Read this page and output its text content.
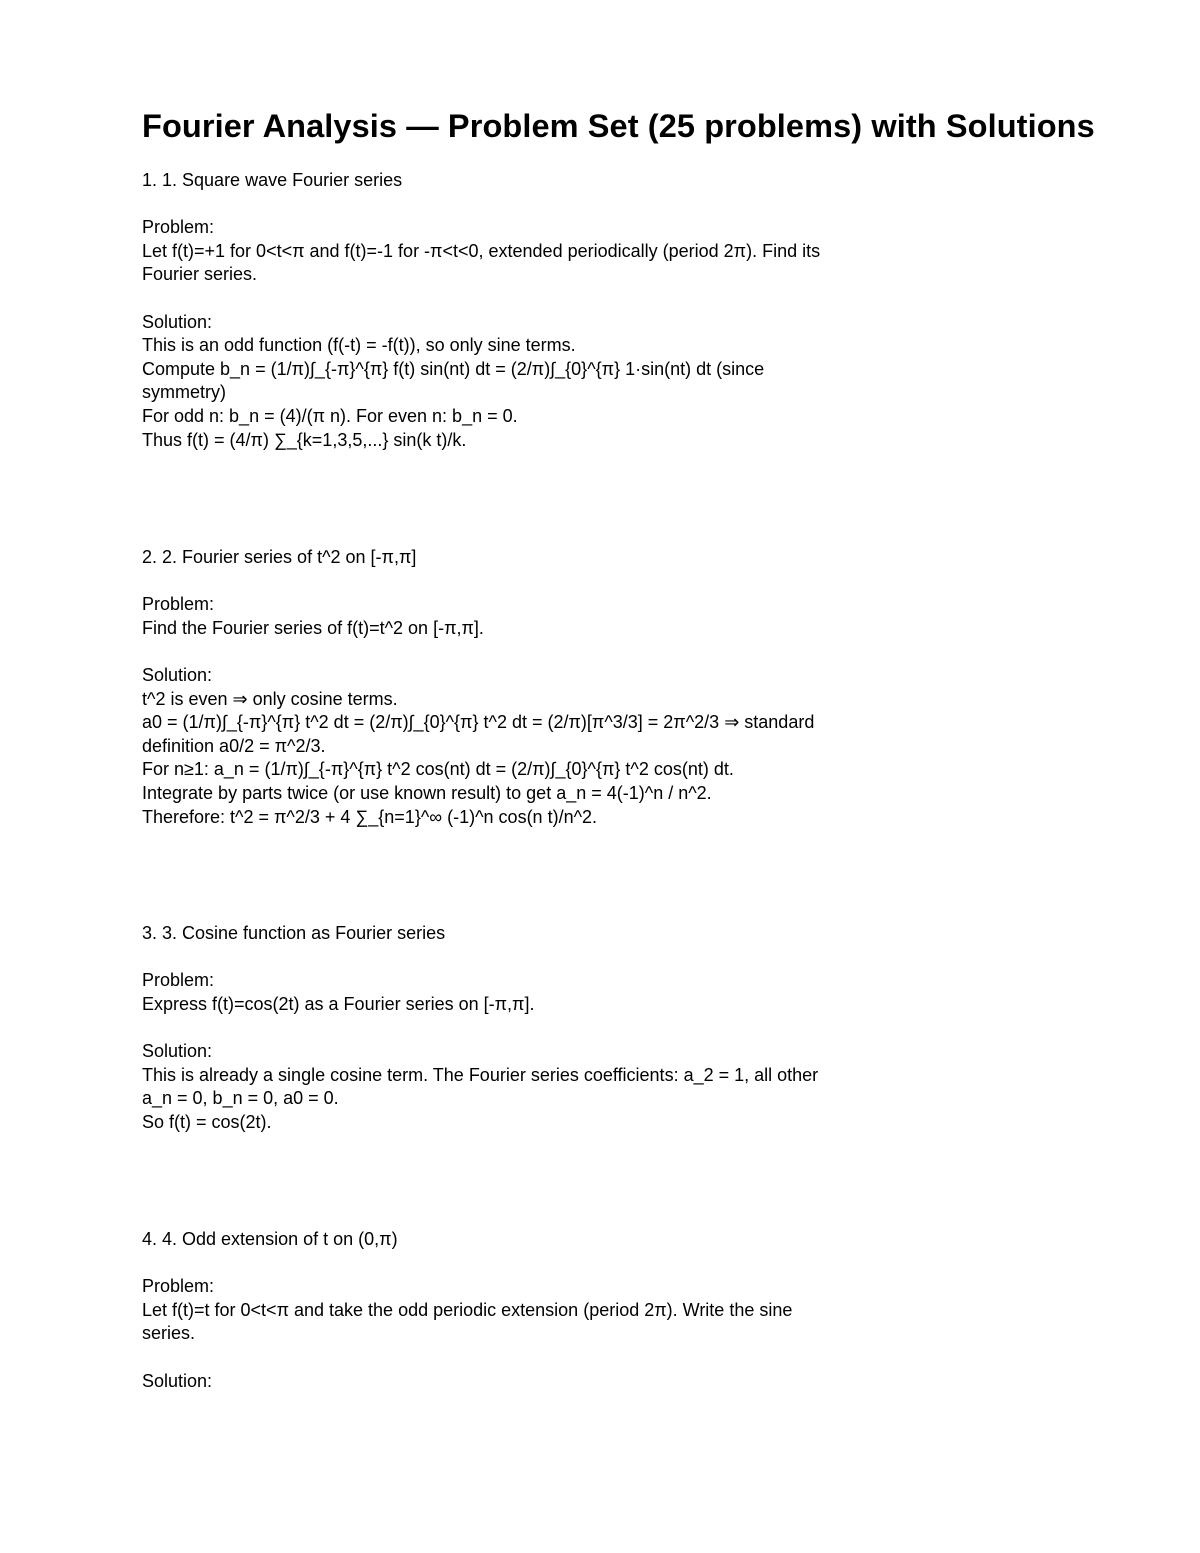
Fourier Analysis — Problem Set (25 problems) with Solutions

1. 1. Square wave Fourier series

Problem:

Let f(t)=+1 for 0<t<π and f(t)=-1 for -π<t<0, extended periodically (period 2π). Find its

Fourier series.

Solution:

This is an odd function (f(-t) = -f(t)), so only sine terms.

Compute b_n = (1/π)∫_{-π}^{π} f(t) sin(nt) dt = (2/π)∫_{0}^{π} 1·sin(nt) dt (since

symmetry)

For odd n: b_n = (4)/(π n). For even n: b_n = 0.

Thus f(t) = (4/π) ∑_{k=1,3,5,...} sin(k t)/k.

2. 2. Fourier series of t^2 on [-π,π]

Problem:

Find the Fourier series of f(t)=t^2 on [-π,π].

Solution:

t^2 is even ⇒ only cosine terms.

a0 = (1/π)∫_{-π}^{π} t^2 dt = (2/π)∫_{0}^{π} t^2 dt = (2/π)[π^3/3] = 2π^2/3 ⇒ standard

definition a0/2 = π^2/3.

For n≥1: a_n = (1/π)∫_{-π}^{π} t^2 cos(nt) dt = (2/π)∫_{0}^{π} t^2 cos(nt) dt.

Integrate by parts twice (or use known result) to get a_n = 4(-1)^n / n^2.

Therefore: t^2 = π^2/3 + 4 ∑_{n=1}^∞ (-1)^n cos(n t)/n^2.

3. 3. Cosine function as Fourier series

Problem:

Express f(t)=cos(2t) as a Fourier series on [-π,π].

Solution:

This is already a single cosine term. The Fourier series coefficients: a_2 = 1, all other

a_n = 0, b_n = 0, a0 = 0.

So f(t) = cos(2t).

4. 4. Odd extension of t on (0,π)

Problem:

Let f(t)=t for 0<t<π and take the odd periodic extension (period 2π). Write the sine

series.

Solution:
